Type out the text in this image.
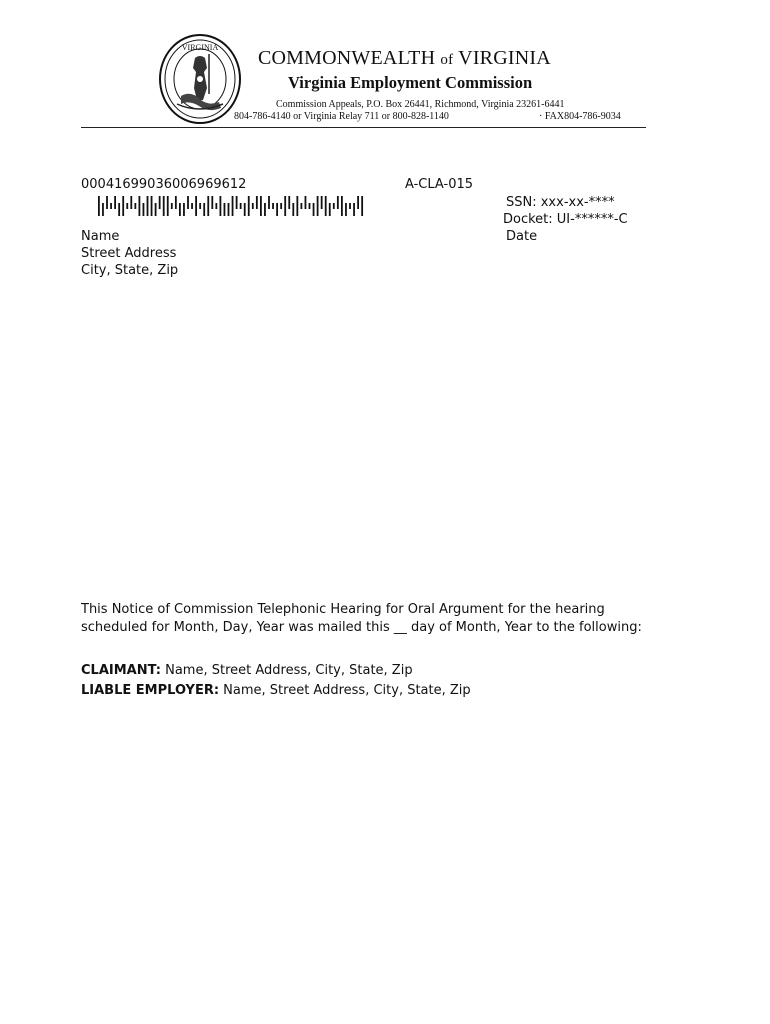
VIRGINIA COMMONWEALTH of VIRGINIA
Virginia Employment Commission
Commission Appeals, P.O. Box 26441, Richmond, Virginia 23261-6441
804-786-4140 or Virginia Relay 711 or 800-828-1140	· FAX804-786-9034
00041699036006969612	A-CLA-015
SSN: xxx-xx-****
Docket: UI-******-C
Date
Name
Street Address
City, State, Zip
This Notice of Commission Telephonic Hearing for Oral Argument for the hearing
scheduled for Month, Day, Year was mailed this __ day of Month, Year to the following:
CLAIMANT: Name, Street Address, City, State, Zip
LIABLE EMPLOYER: Name, Street Address, City, State, Zip
